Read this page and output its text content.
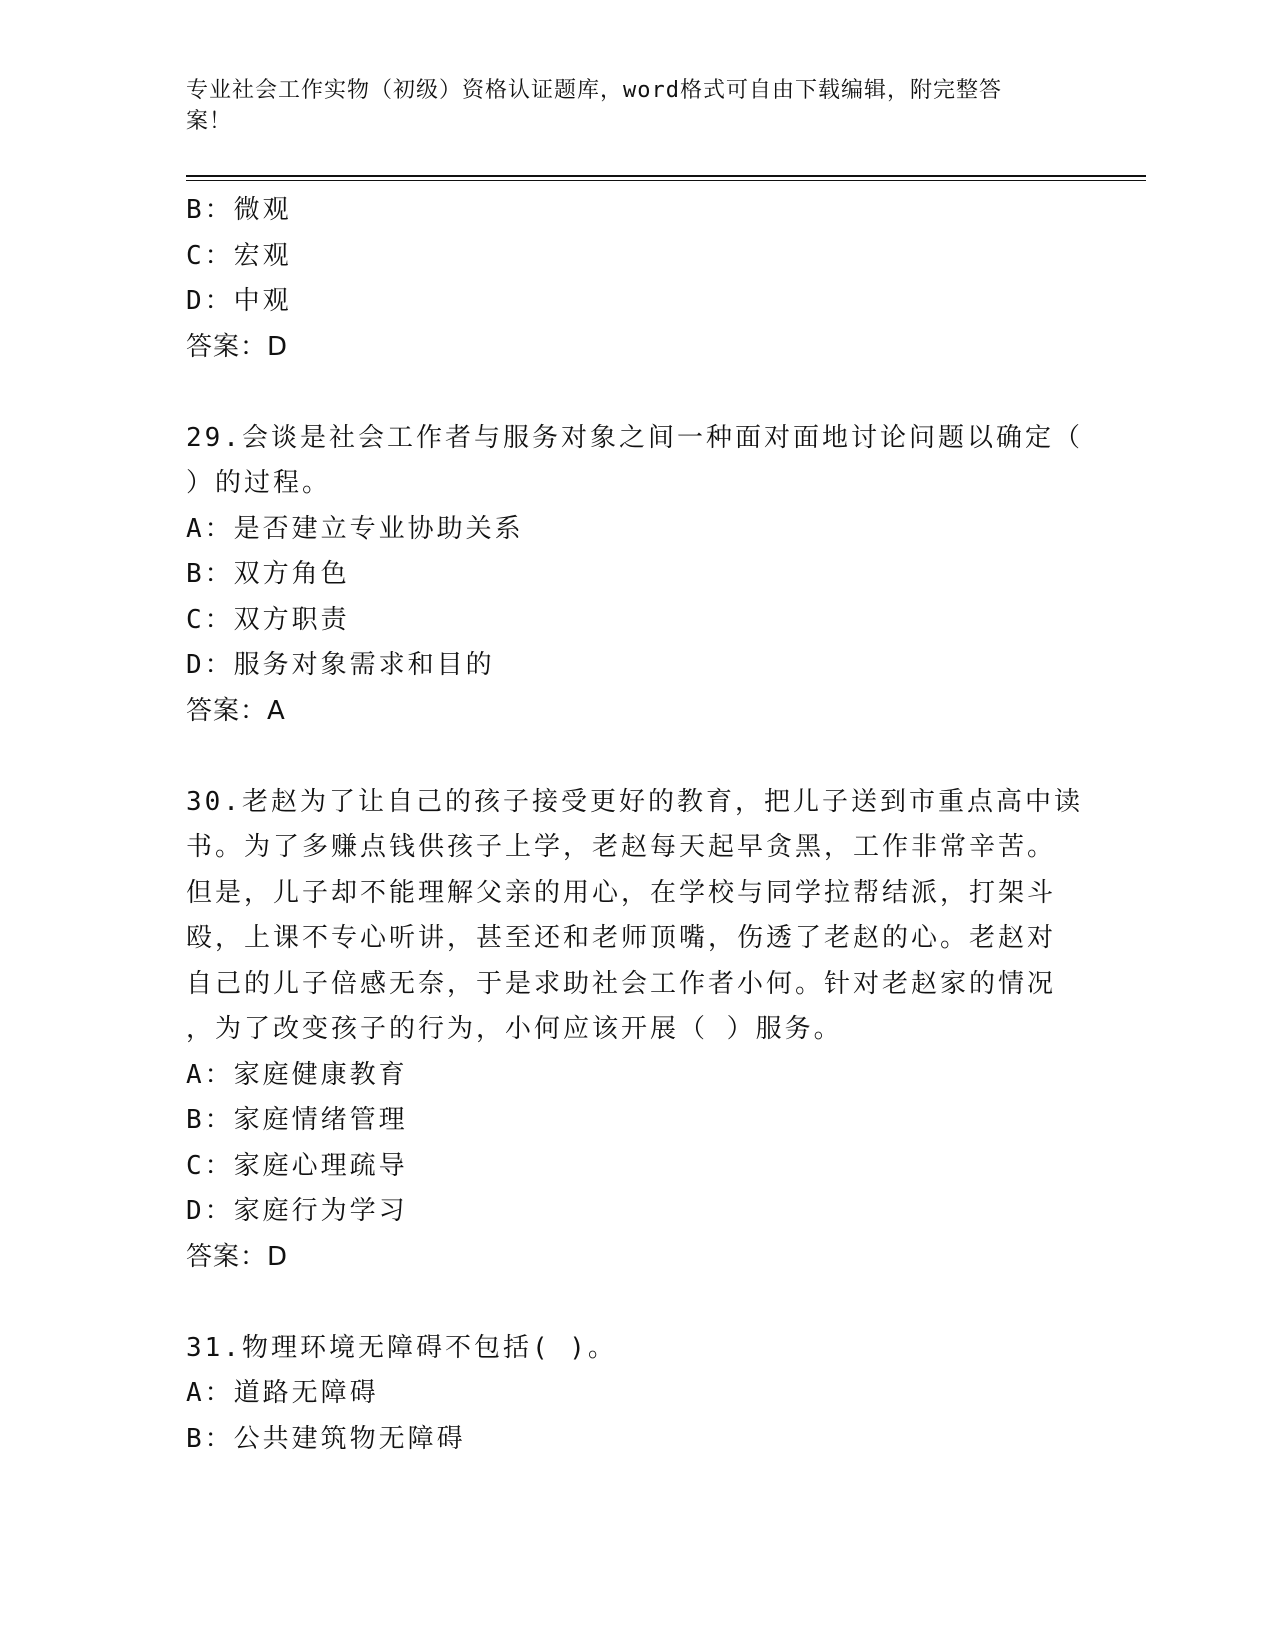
专业社会工作实物（初级）资格认证题库，word格式可自由下载编辑，附完整答
案！
B：微观
C：宏观
D：中观
答案：D
29.会谈是社会工作者与服务对象之间一种面对面地讨论问题以确定（
）的过程。
A：是否建立专业协助关系
B：双方角色
C：双方职责
D：服务对象需求和目的
答案：A
30.老赵为了让自己的孩子接受更好的教育，把儿子送到市重点高中读
书。为了多赚点钱供孩子上学，老赵每天起早贪黑，工作非常辛苦。
但是，儿子却不能理解父亲的用心，在学校与同学拉帮结派，打架斗
殴，上课不专心听讲，甚至还和老师顶嘴，伤透了老赵的心。老赵对
自己的儿子倍感无奈，于是求助社会工作者小何。针对老赵家的情况
，为了改变孩子的行为，小何应该开展（ ）服务。
A：家庭健康教育
B：家庭情绪管理
C：家庭心理疏导
D：家庭行为学习
答案：D
31.物理环境无障碍不包括( )。
A：道路无障碍
B：公共建筑物无障碍
